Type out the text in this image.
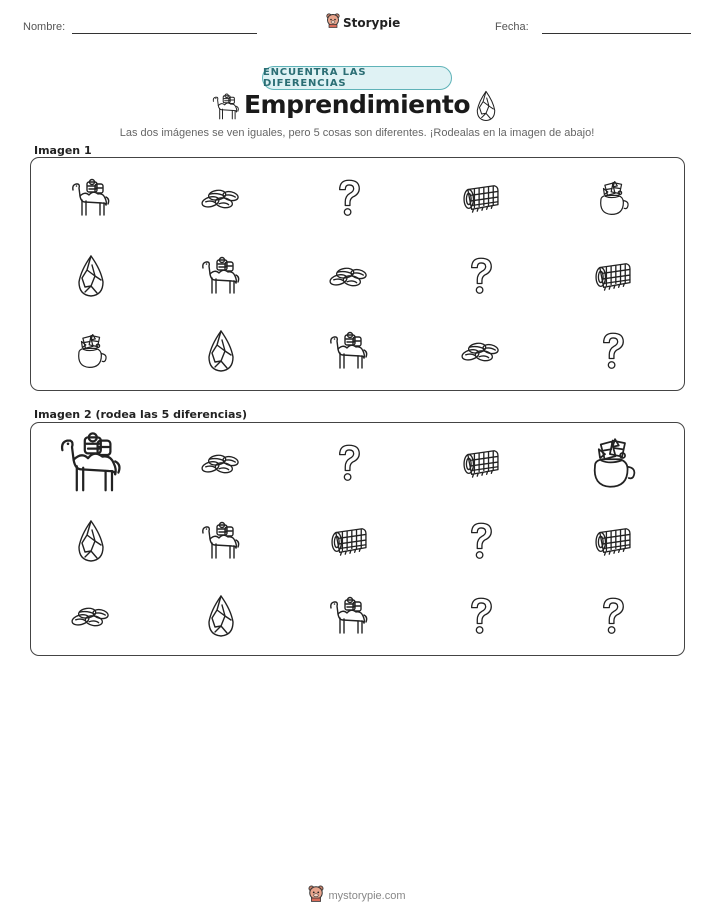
Nombre:	Storypie	Fecha:
ENCUENTRA LAS DIFERENCIAS
Emprendimiento
Las dos imágenes se ven iguales, pero 5 cosas son diferentes. ¡Rodealas en la imagen de abajo!
Imagen 1
Imagen 2 (rodea las 5 diferencias)
mystorypie.com
